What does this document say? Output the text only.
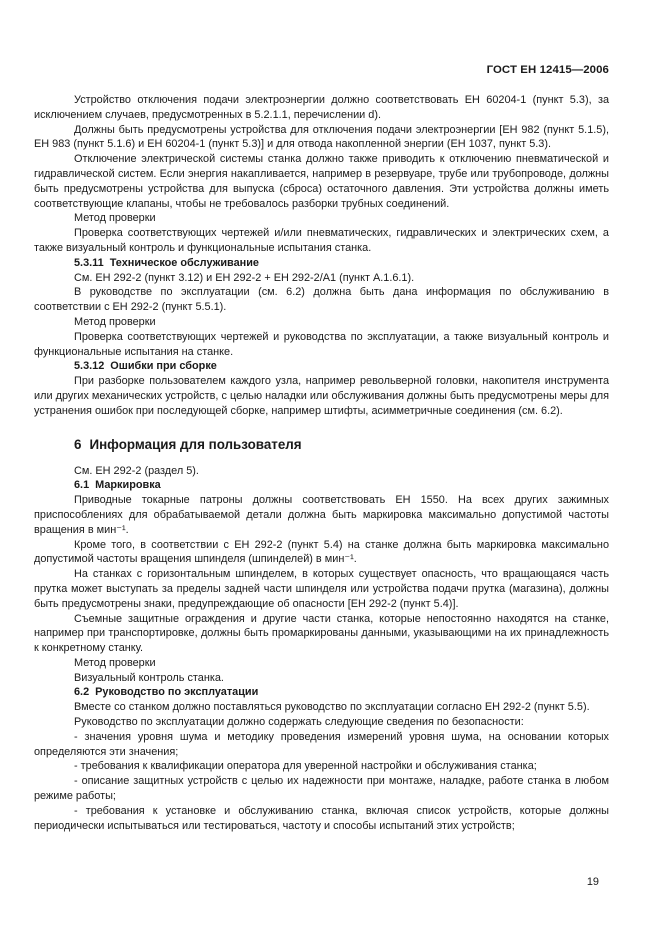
ГОСТ ЕН 12415—2006

Устройство отключения подачи электроэнергии должно соответствовать ЕН 60204-1 (пункт 5.3), за исключением случаев, предусмотренных в 5.2.1.1, перечислении d).

Должны быть предусмотрены устройства для отключения подачи электроэнергии [ЕН 982 (пункт 5.1.5), ЕН 983 (пункт 5.1.6) и ЕН 60204-1 (пункт 5.3)] и для отвода накопленной энергии (ЕН 1037, пункт 5.3).

Отключение электрической системы станка должно также приводить к отключению пневматической и гидравлической систем. Если энергия накапливается, например в резервуаре, трубе или трубопроводе, должны быть предусмотрены устройства для выпуска (сброса) остаточного давления. Эти устройства должны иметь соответствующие клапаны, чтобы не требовалось разборки трубных соединений.

Метод проверки

Проверка соответствующих чертежей и/или пневматических, гидравлических и электрических схем, а также визуальный контроль и функциональные испытания станка.

5.3.11 Техническое обслуживание

См. ЕН 292-2 (пункт 3.12) и ЕН 292-2 + ЕН 292-2/А1 (пункт А.1.6.1).

В руководстве по эксплуатации (см. 6.2) должна быть дана информация по обслуживанию в соответствии с ЕН 292-2 (пункт 5.5.1).

Метод проверки

Проверка соответствующих чертежей и руководства по эксплуатации, а также визуальный контроль и функциональные испытания на станке.

5.3.12 Ошибки при сборке

При разборке пользователем каждого узла, например револьверной головки, накопителя инструмента или других механических устройств, с целью наладки или обслуживания должны быть предусмотрены меры для устранения ошибок при последующей сборке, например штифты, асимметричные соединения (см. 6.2).

6 Информация для пользователя

См. ЕН 292-2 (раздел 5).

6.1 Маркировка

Приводные токарные патроны должны соответствовать ЕН 1550. На всех других зажимных приспособлениях для обрабатываемой детали должна быть маркировка максимально допустимой частоты вращения в мин⁻¹.

Кроме того, в соответствии с ЕН 292-2 (пункт 5.4) на станке должна быть маркировка максимально допустимой частоты вращения шпинделя (шпинделей) в мин⁻¹.

На станках с горизонтальным шпинделем, в которых существует опасность, что вращающаяся часть прутка может выступать за пределы задней части шпинделя или устройства подачи прутка (магазина), должны быть предусмотрены знаки, предупреждающие об опасности [ЕН 292-2 (пункт 5.4)].

Съемные защитные ограждения и другие части станка, которые непостоянно находятся на станке, например при транспортировке, должны быть промаркированы данными, указывающими на их принадлежность к конкретному станку.

Метод проверки

Визуальный контроль станка.

6.2 Руководство по эксплуатации

Вместе со станком должно поставляться руководство по эксплуатации согласно ЕН 292-2 (пункт 5.5).

Руководство по эксплуатации должно содержать следующие сведения по безопасности:

- значения уровня шума и методику проведения измерений уровня шума, на основании которых определяются эти значения;

- требования к квалификации оператора для уверенной настройки и обслуживания станка;

- описание защитных устройств с целью их надежности при монтаже, наладке, работе станка в любом режиме работы;

- требования к установке и обслуживанию станка, включая список устройств, которые должны периодически испытываться или тестироваться, частоту и способы испытаний этих устройств;

19
